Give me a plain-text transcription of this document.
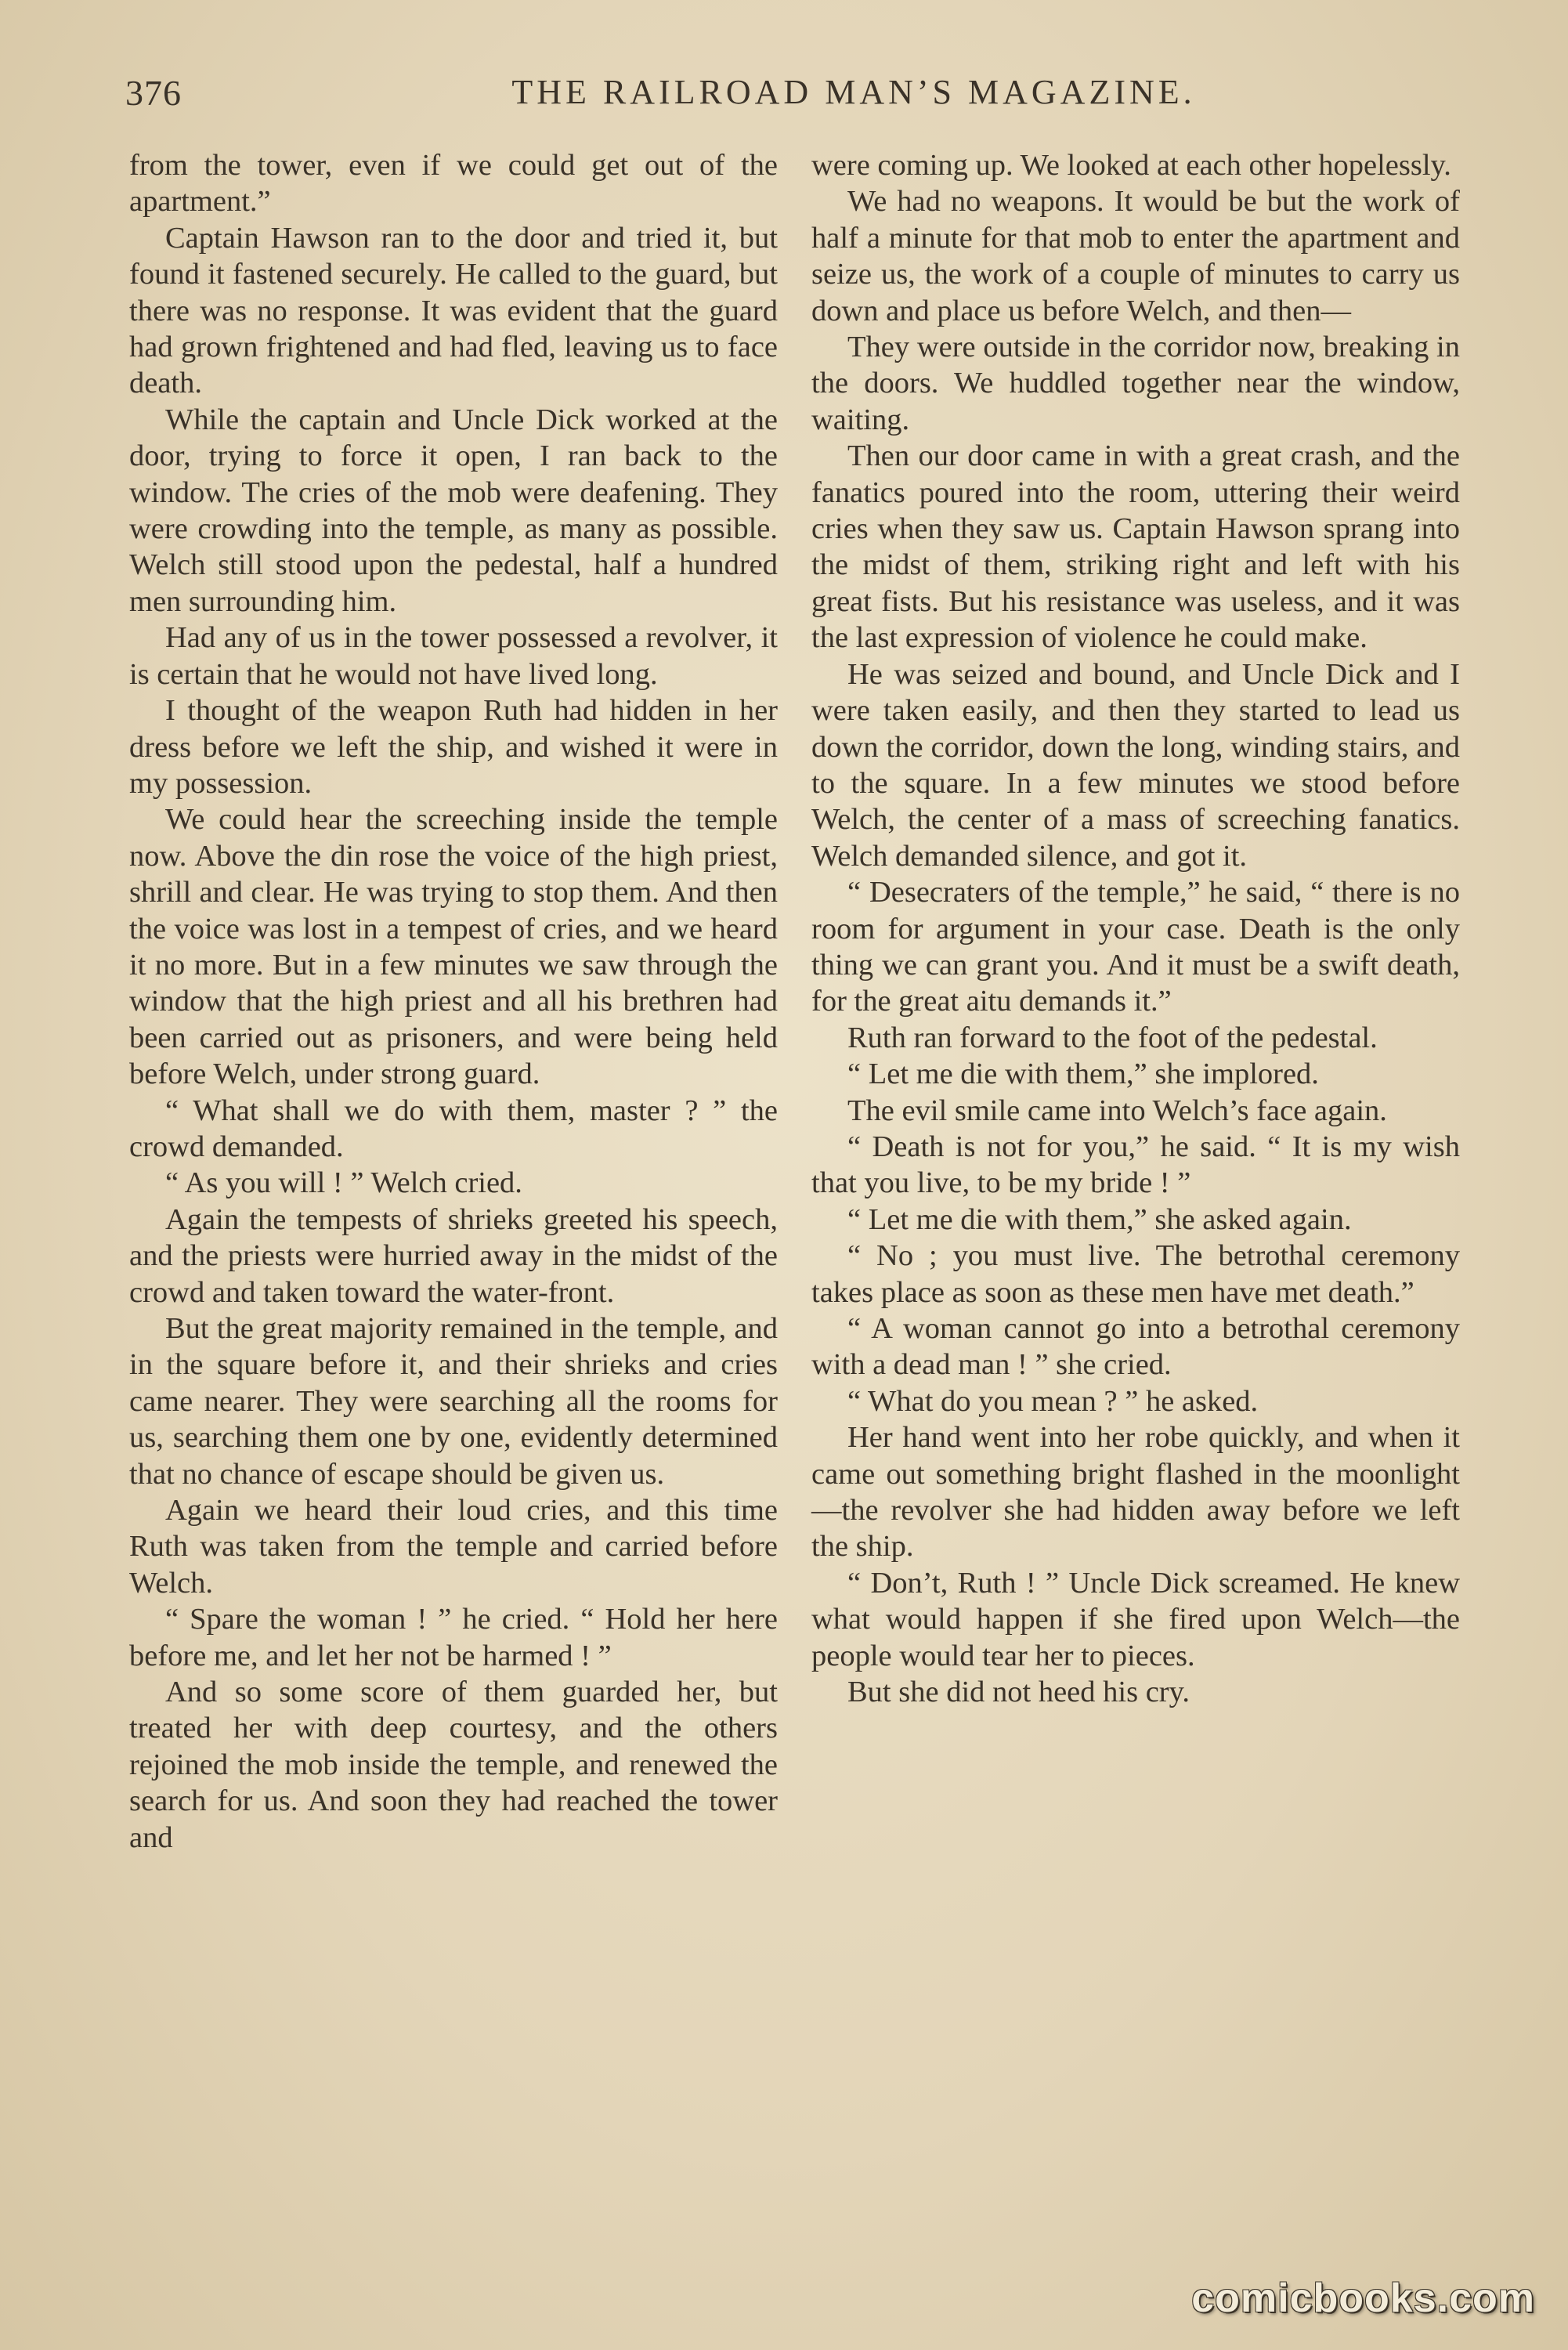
376	THE RAILROAD MAN’S MAGAZINE.

from the tower, even if we could get out of the apartment.”

Captain Hawson ran to the door and tried it, but found it fastened securely. He called to the guard, but there was no response. It was evident that the guard had grown frightened and had fled, leaving us to face death.

While the captain and Uncle Dick worked at the door, trying to force it open, I ran back to the window. The cries of the mob were deafening. They were crowding into the temple, as many as possible. Welch still stood upon the pedestal, half a hundred men surrounding him.

Had any of us in the tower possessed a revolver, it is certain that he would not have lived long.

I thought of the weapon Ruth had hidden in her dress before we left the ship, and wished it were in my possession.

We could hear the screeching inside the temple now. Above the din rose the voice of the high priest, shrill and clear. He was trying to stop them. And then the voice was lost in a tempest of cries, and we heard it no more. But in a few minutes we saw through the window that the high priest and all his brethren had been carried out as prisoners, and were being held before Welch, under strong guard.

“ What shall we do with them, master ? ” the crowd demanded.

“ As you will ! ” Welch cried.

Again the tempests of shrieks greeted his speech, and the priests were hurried away in the midst of the crowd and taken toward the water-front.

But the great majority remained in the temple, and in the square before it, and their shrieks and cries came nearer. They were searching all the rooms for us, searching them one by one, evidently determined that no chance of escape should be given us.

Again we heard their loud cries, and this time Ruth was taken from the temple and carried before Welch.

“ Spare the woman ! ” he cried. “ Hold her here before me, and let her not be harmed ! ”

And so some score of them guarded her, but treated her with deep courtesy, and the others rejoined the mob inside the temple, and renewed the search for us. And soon they had reached the tower and

were coming up. We looked at each other hopelessly.

We had no weapons. It would be but the work of half a minute for that mob to enter the apartment and seize us, the work of a couple of minutes to carry us down and place us before Welch, and then—

They were outside in the corridor now, breaking in the doors. We huddled together near the window, waiting.

Then our door came in with a great crash, and the fanatics poured into the room, uttering their weird cries when they saw us. Captain Hawson sprang into the midst of them, striking right and left with his great fists. But his resistance was useless, and it was the last expression of violence he could make.

He was seized and bound, and Uncle Dick and I were taken easily, and then they started to lead us down the corridor, down the long, winding stairs, and to the square. In a few minutes we stood before Welch, the center of a mass of screeching fanatics. Welch demanded silence, and got it.

“ Desecraters of the temple,” he said, “ there is no room for argument in your case. Death is the only thing we can grant you. And it must be a swift death, for the great aitu demands it.”

Ruth ran forward to the foot of the pedestal.

“ Let me die with them,” she implored.

The evil smile came into Welch’s face again.

“ Death is not for you,” he said. “ It is my wish that you live, to be my bride ! ”

“ Let me die with them,” she asked again.

“ No ; you must live. The betrothal ceremony takes place as soon as these men have met death.”

“ A woman cannot go into a betrothal ceremony with a dead man ! ” she cried.

“ What do you mean ? ” he asked.

Her hand went into her robe quickly, and when it came out something bright flashed in the moonlight—the revolver she had hidden away before we left the ship.

“ Don’t, Ruth ! ” Uncle Dick screamed. He knew what would happen if she fired upon Welch—the people would tear her to pieces.

But she did not heed his cry.

comicbooks.com
